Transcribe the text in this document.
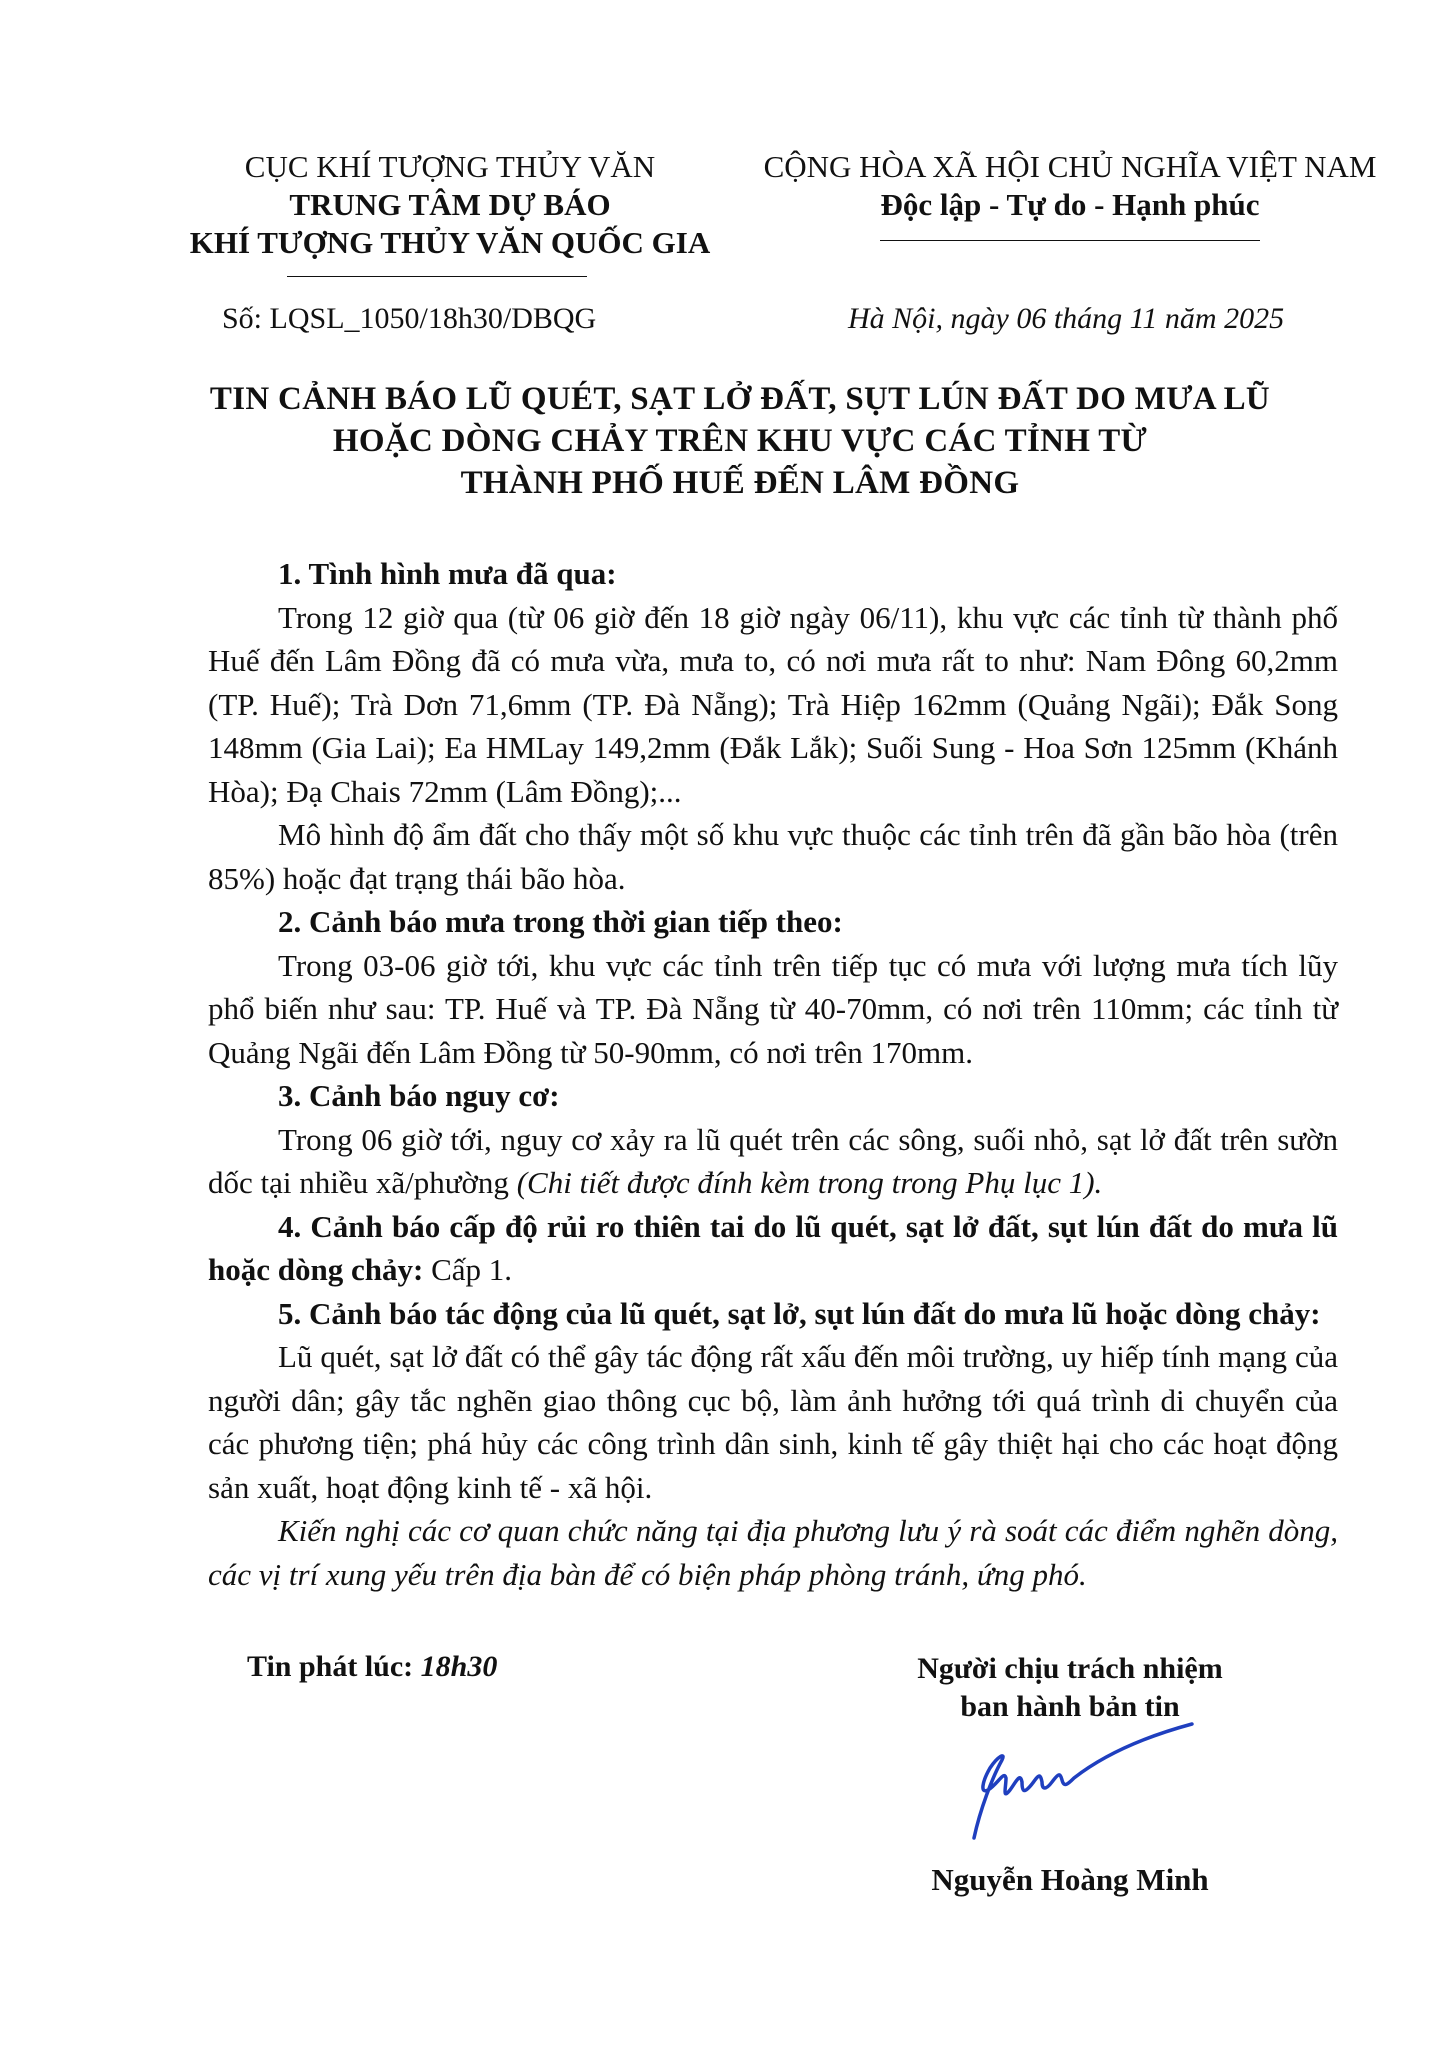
CỤC KHÍ TƯỢNG THỦY VĂN
TRUNG TÂM DỰ BÁO
KHÍ TƯỢNG THỦY VĂN QUỐC GIA
CỘNG HÒA XÃ HỘI CHỦ NGHĨA VIỆT NAM
Độc lập - Tự do - Hạnh phúc
Số: LQSL_1050/18h30/DBQG	Hà Nội, ngày 06 tháng 11 năm 2025
TIN CẢNH BÁO LŨ QUÉT, SẠT LỞ ĐẤT, SỤT LÚN ĐẤT DO MƯA LŨ
HOẶC DÒNG CHẢY TRÊN KHU VỰC CÁC TỈNH TỪ
THÀNH PHỐ HUẾ ĐẾN LÂM ĐỒNG

1. Tình hình mưa đã qua:

Trong 12 giờ qua (từ 06 giờ đến 18 giờ ngày 06/11), khu vực các tỉnh từ thành phố Huế đến Lâm Đồng đã có mưa vừa, mưa to, có nơi mưa rất to như: Nam Đông 60,2mm (TP. Huế); Trà Dơn 71,6mm (TP. Đà Nẵng); Trà Hiệp 162mm (Quảng Ngãi); Đắk Song 148mm (Gia Lai); Ea HMLay 149,2mm (Đắk Lắk); Suối Sung - Hoa Sơn 125mm (Khánh Hòa); Đạ Chais 72mm (Lâm Đồng);...

Mô hình độ ẩm đất cho thấy một số khu vực thuộc các tỉnh trên đã gần bão hòa (trên 85%) hoặc đạt trạng thái bão hòa.

2. Cảnh báo mưa trong thời gian tiếp theo:

Trong 03-06 giờ tới, khu vực các tỉnh trên tiếp tục có mưa với lượng mưa tích lũy phổ biến như sau: TP. Huế và TP. Đà Nẵng từ 40-70mm, có nơi trên 110mm; các tỉnh từ Quảng Ngãi đến Lâm Đồng từ 50-90mm, có nơi trên 170mm.

3. Cảnh báo nguy cơ:

Trong 06 giờ tới, nguy cơ xảy ra lũ quét trên các sông, suối nhỏ, sạt lở đất trên sườn dốc tại nhiều xã/phường (Chi tiết được đính kèm trong trong Phụ lục 1).

4. Cảnh báo cấp độ rủi ro thiên tai do lũ quét, sạt lở đất, sụt lún đất do mưa lũ hoặc dòng chảy: Cấp 1.

5. Cảnh báo tác động của lũ quét, sạt lở, sụt lún đất do mưa lũ hoặc dòng chảy:

Lũ quét, sạt lở đất có thể gây tác động rất xấu đến môi trường, uy hiếp tính mạng của người dân; gây tắc nghẽn giao thông cục bộ, làm ảnh hưởng tới quá trình di chuyển của các phương tiện; phá hủy các công trình dân sinh, kinh tế gây thiệt hại cho các hoạt động sản xuất, hoạt động kinh tế - xã hội.

Kiến nghị các cơ quan chức năng tại địa phương lưu ý rà soát các điểm nghẽn dòng, các vị trí xung yếu trên địa bàn để có biện pháp phòng tránh, ứng phó.

Tin phát lúc: 18h30	Người chịu trách nhiệm
ban hành bản tin
Nguyễn Hoàng Minh
